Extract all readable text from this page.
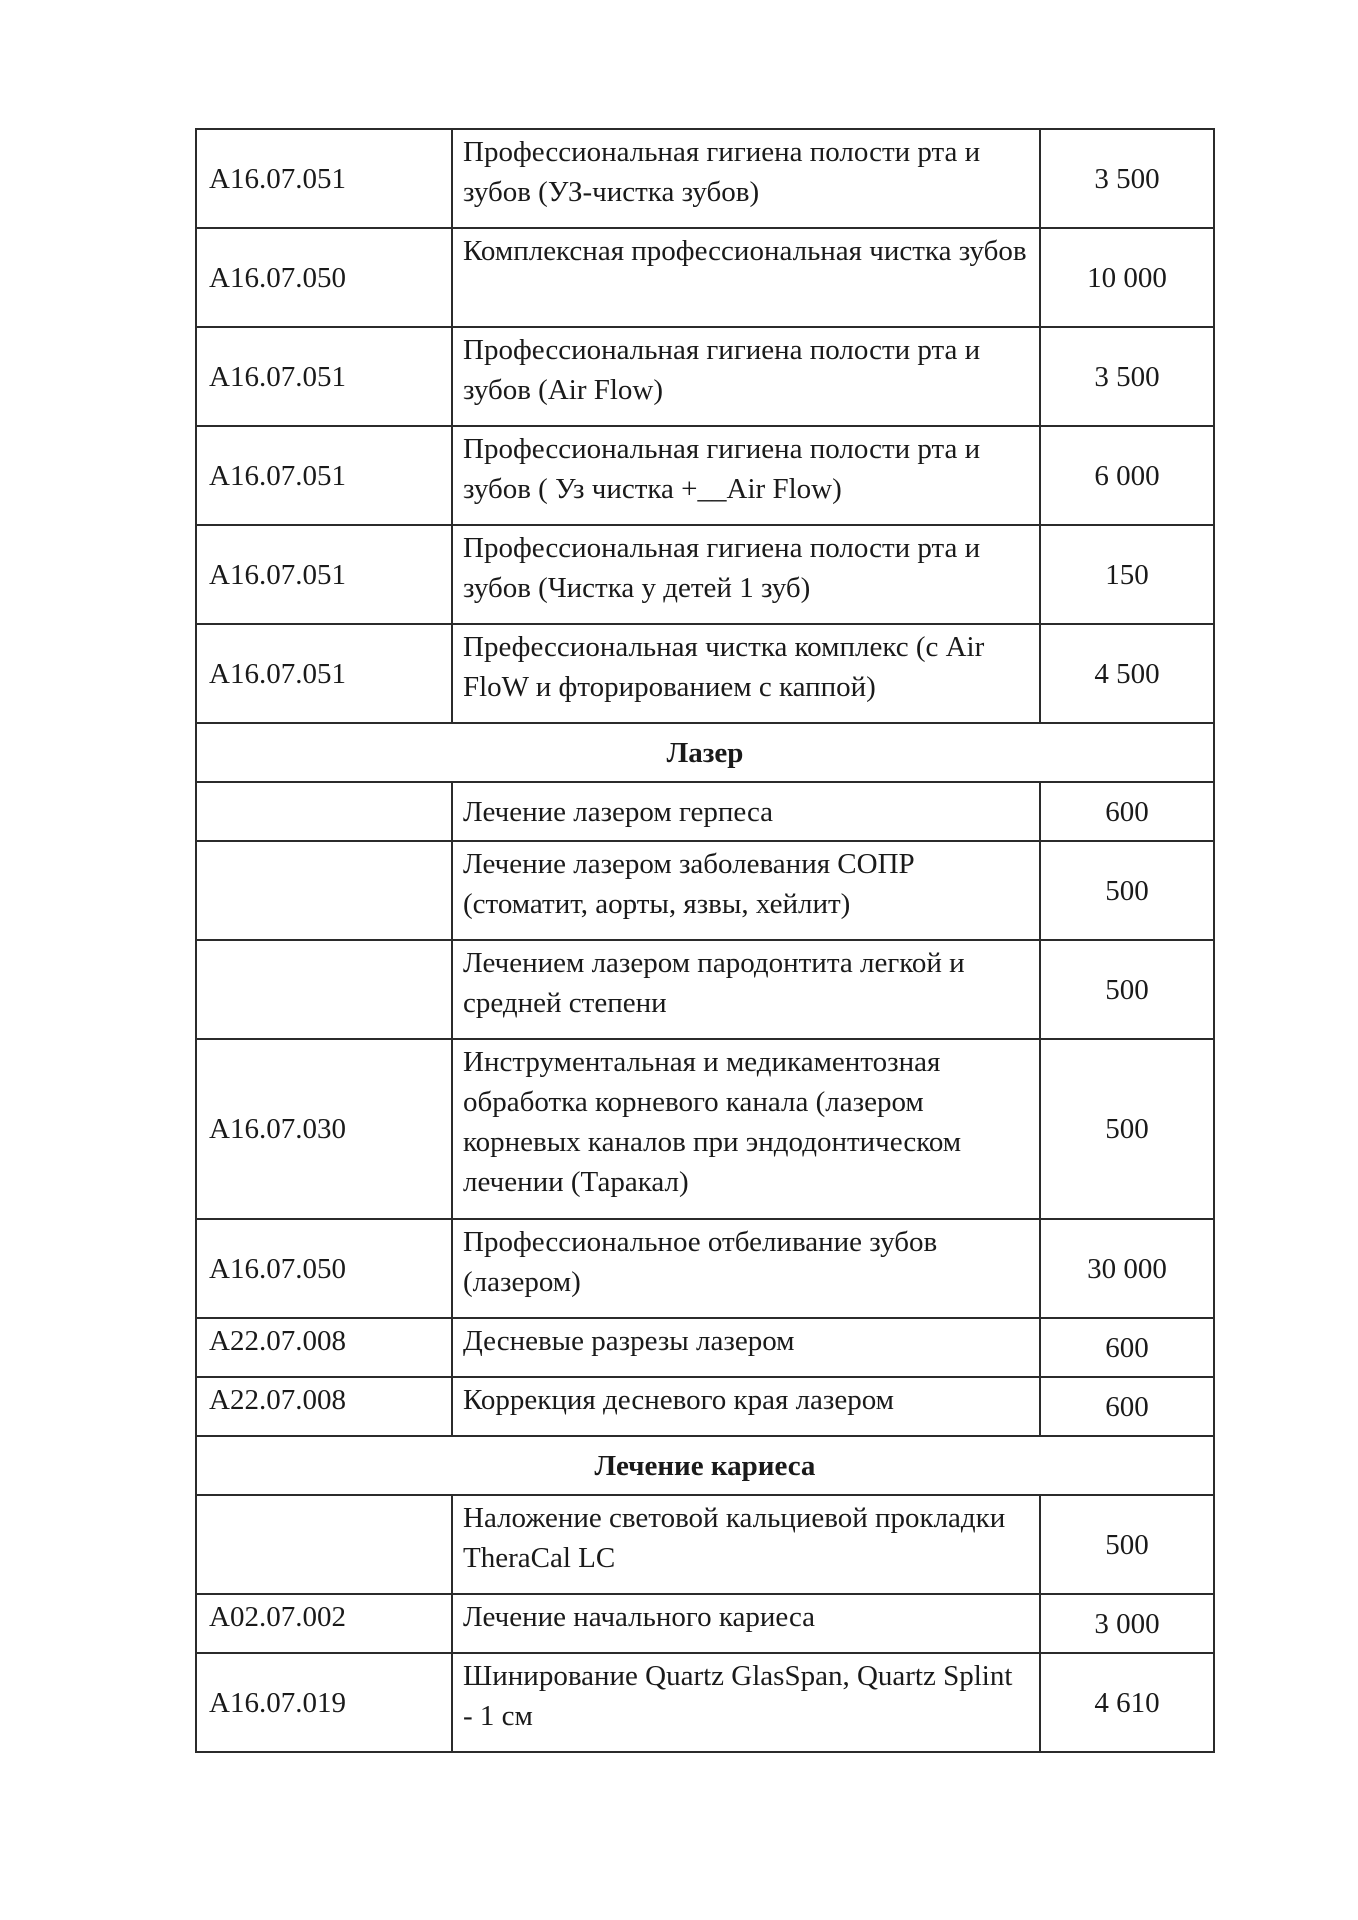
A16.07.051	Профессиональная гигиена полости рта и зубов (УЗ-чистка зубов)	3 500
A16.07.050	Комплексная профессиональная чистка зубов	10 000
A16.07.051	Профессиональная гигиена полости рта и зубов (Air Flow)	3 500
A16.07.051	Профессиональная гигиена полости рта и зубов ( Уз чистка +__Air Flow)	6 000
A16.07.051	Профессиональная гигиена полости рта и зубов (Чистка у детей 1 зуб)	150
A16.07.051	Префессиональная чистка комплекс (с Air FloW и фторированием с каппой)	4 500
Лазер		
	Лечение лазером герпеса	600
	Лечение лазером заболевания СОПР (стоматит, аорты, язвы, хейлит)	500
	Лечением лазером пародонтита легкой и средней степени	500
A16.07.030	Инструментальная и медикаментозная обработка корневого канала (лазером корневых каналов при эндодонтическом лечении (Таракал)	500
A16.07.050	Профессиональное отбеливание зубов (лазером)	30 000
A22.07.008	Десневые разрезы лазером	600
A22.07.008	Коррекция десневого края лазером	600
Лечение кариеса		
	Наложение световой кальциевой прокладки TheraCal LC	500
A02.07.002	Лечение начального кариеса	3 000
A16.07.019	Шинирование Quartz GlasSpan, Quartz Splint - 1 см	4 610
